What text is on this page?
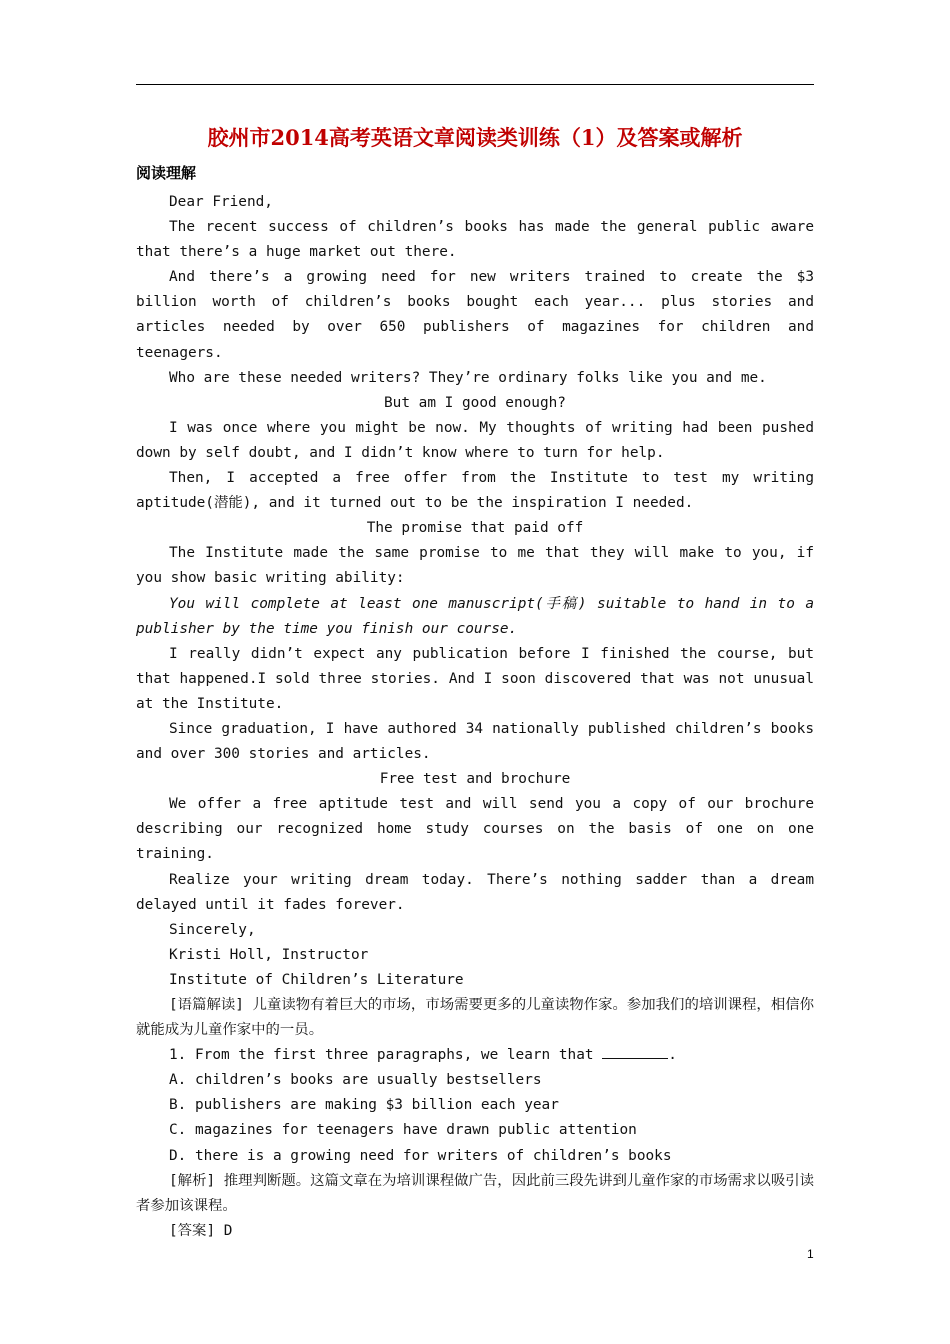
胶州市2014高考英语文章阅读类训练（1）及答案或解析
阅读理解

Dear Friend,

The recent success of children’s books has made the general public aware that there’s a huge market out there.

And there’s a growing need for new writers trained to create the $3 billion worth of children’s books bought each year... plus stories and articles needed by over 650 publishers of magazines for children and teenagers.

Who are these needed writers? They’re ordinary folks like you and me.

But am I good enough?

I was once where you might be now. My thoughts of writing had been pushed down by self doubt, and I didn’t know where to turn for help.

Then, I accepted a free offer from the Institute to test my writing aptitude(潜能), and it turned out to be the inspiration I needed.

The promise that paid off

The Institute made the same promise to me that they will make to you, if you show basic writing ability:

You will complete at least one manuscript(手稿) suitable to hand in to a publisher by the time you finish our course.

I really didn’t expect any publication before I finished the course, but that happened.I sold three stories. And I soon discovered that was not unusual at the Institute.

Since graduation, I have authored 34 nationally published children’s books and over 300 stories and articles.

Free test and brochure

We offer a free aptitude test and will send you a copy of our brochure describing our recognized home study courses on the basis of one on one training.

Realize your writing dream today. There’s nothing sadder than a dream delayed until it fades forever.

Sincerely,

Kristi Holl, Instructor

Institute of Children’s Literature

[语篇解读] 儿童读物有着巨大的市场，市场需要更多的儿童读物作家。参加我们的培训课程，相信你就能成为儿童作家中的一员。

1. From the first three paragraphs, we learn that	.

A. children’s books are usually bestsellers

B. publishers are making $3 billion each year

C. magazines for teenagers have drawn public attention

D. there is a growing need for writers of children’s books

[解析] 推理判断题。这篇文章在为培训课程做广告，因此前三段先讲到儿童作家的市场需求以吸引读者参加该课程。

[答案] D

1
